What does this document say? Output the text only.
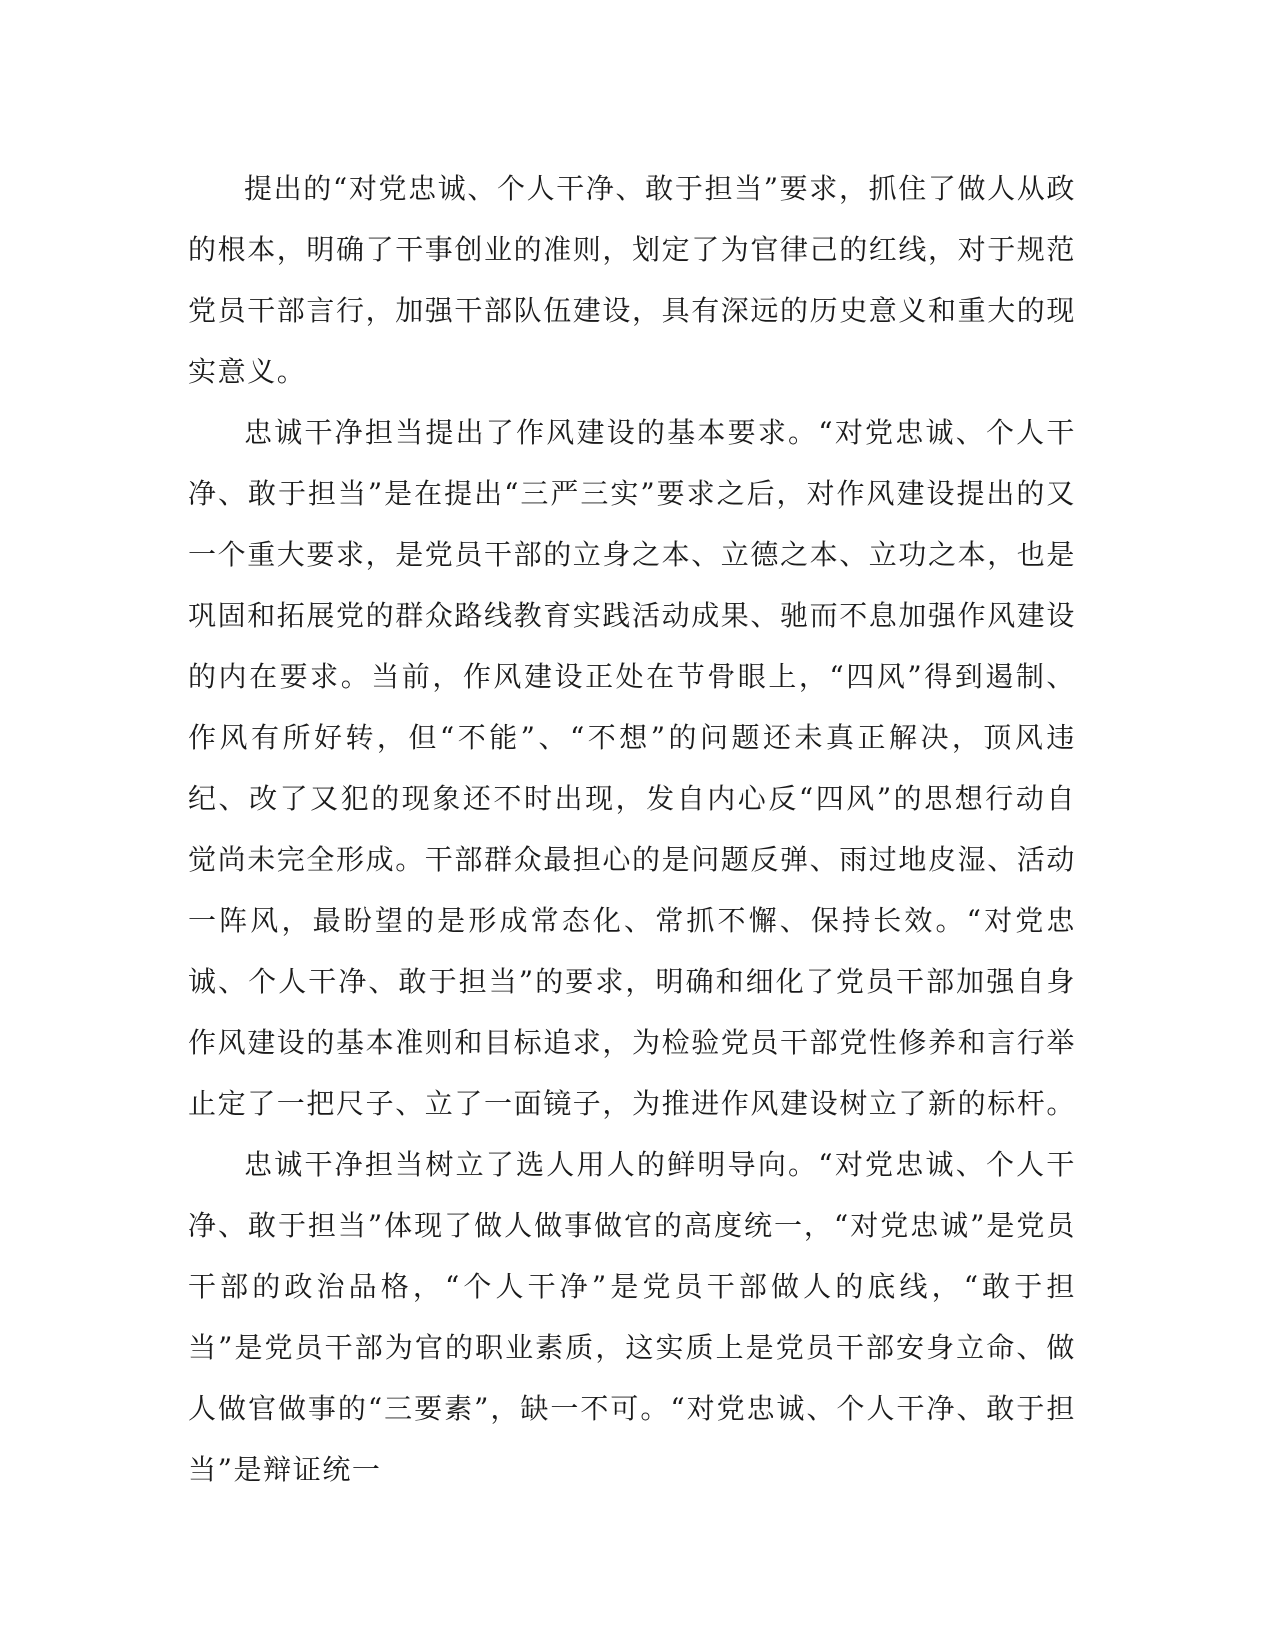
提出的“对党忠诚、个人干净、敢于担当”要求，抓住了做人从政的根本，明确了干事创业的准则，划定了为官律己的红线，对于规范党员干部言行，加强干部队伍建设，具有深远的历史意义和重大的现实意义。

忠诚干净担当提出了作风建设的基本要求。“对党忠诚、个人干净、敢于担当”是在提出“三严三实”要求之后，对作风建设提出的又一个重大要求，是党员干部的立身之本、立德之本、立功之本，也是巩固和拓展党的群众路线教育实践活动成果、驰而不息加强作风建设的内在要求。当前，作风建设正处在节骨眼上，“四风”得到遏制、作风有所好转，但“不能”、“不想”的问题还未真正解决，顶风违纪、改了又犯的现象还不时出现，发自内心反“四风”的思想行动自觉尚未完全形成。干部群众最担心的是问题反弹、雨过地皮湿、活动一阵风，最盼望的是形成常态化、常抓不懈、保持长效。“对党忠诚、个人干净、敢于担当”的要求，明确和细化了党员干部加强自身作风建设的基本准则和目标追求，为检验党员干部党性修养和言行举止定了一把尺子、立了一面镜子，为推进作风建设树立了新的标杆。

忠诚干净担当树立了选人用人的鲜明导向。“对党忠诚、个人干净、敢于担当”体现了做人做事做官的高度统一，“对党忠诚”是党员干部的政治品格，“个人干净”是党员干部做人的底线，“敢于担当”是党员干部为官的职业素质，这实质上是党员干部安身立命、做人做官做事的“三要素”，缺一不可。“对党忠诚、个人干净、敢于担当”是辩证统一
